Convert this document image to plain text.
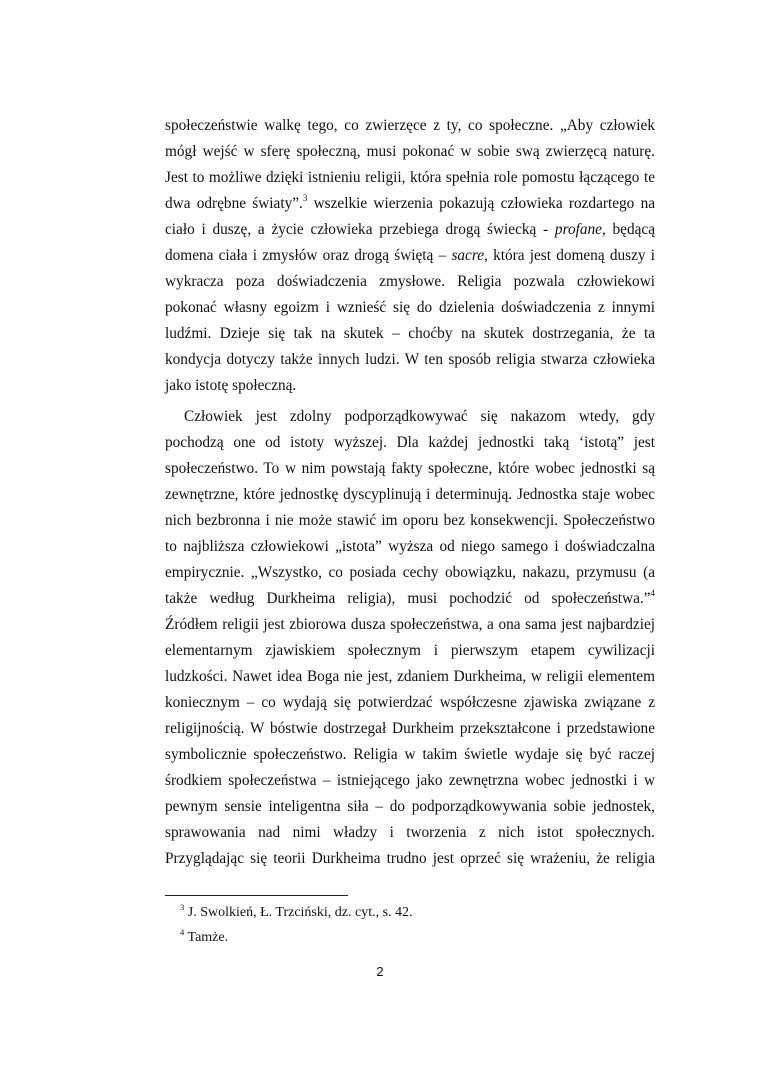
społeczeństwie walkę tego, co zwierzęce z ty, co społeczne. „Aby człowiek
mógł wejść w sferę społeczną, musi pokonać w sobie swą zwierzęcą naturę.
Jest to możliwe dzięki istnieniu religii, która spełnia role pomostu łączącego te
dwa odrębne światy”.$^3$ wszelkie wierzenia pokazują człowieka rozdartego na
ciało i duszę, a życie człowieka przebiega drogą świecką - profane, będącą
domena ciała i zmysłów oraz drogą świętą – sacre, która jest domeną duszy i
wykracza poza doświadczenia zmysłowe. Religia pozwala człowiekowi
pokonać własny egoizm i wznieść się do dzielenia doświadczenia z innymi
ludźmi. Dzieje się tak na skutek – choćby na skutek dostrzegania, że ta
kondycja dotyczy także innych ludzi. W ten sposób religia stwarza człowieka
jako istotę społeczną.
Człowiek jest zdolny podporządkowywać się nakazom wtedy, gdy
pochodzą one od istoty wyższej. Dla każdej jednostki taką ‘istotą” jest
społeczeństwo. To w nim powstają fakty społeczne, które wobec jednostki są
zewnętrzne, które jednostkę dyscyplinują i determinują. Jednostka staje wobec
nich bezbronna i nie może stawić im oporu bez konsekwencji. Społeczeństwo
to najbliższa człowiekowi „istota” wyższa od niego samego i doświadczalna
empirycznie. „Wszystko, co posiada cechy obowiązku, nakazu, przymusu (a
także według Durkheima religia), musi pochodzić od społeczeństwa.”$^4$
Źródłem religii jest zbiorowa dusza społeczeństwa, a ona sama jest najbardziej
elementarnym zjawiskiem społecznym i pierwszym etapem cywilizacji
ludzkości. Nawet idea Boga nie jest, zdaniem Durkheima, w religii elementem
koniecznym – co wydają się potwierdzać współczesne zjawiska związane z
religijnością. W bóstwie dostrzegał Durkheim przekształcone i przedstawione
symbolicznie społeczeństwo. Religia w takim świetle wydaje się być raczej
środkiem społeczeństwa – istniejącego jako zewnętrzna wobec jednostki i w
pewnym sensie inteligentna siła – do podporządkowywania sobie jednostek,
sprawowania nad nimi władzy i tworzenia z nich istot społecznych.
Przyglądając się teorii Durkheima trudno jest oprzeć się wrażeniu, że religia
$^3$ J. Swolkień, Ł. Trzciński, dz. cyt., s. 42.
$^4$ Tamże.
2
